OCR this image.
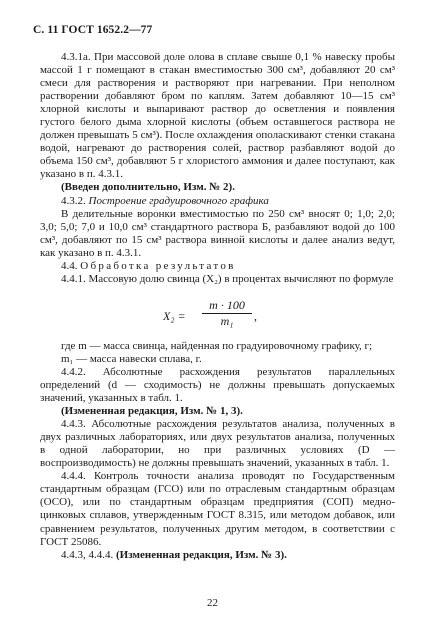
С. 11 ГОСТ 1652.2—77

4.3.1а. При массовой доле олова в сплаве свыше 0,1 % навеску пробы массой 1 г помещают в стакан вместимостью 300 см³, добавляют 20 см³ смеси для растворения и растворяют при нагревании. При неполном растворении добавляют бром по каплям. Затем добавляют 10—15 см³ хлорной кислоты и выпаривают раствор до осветления и появления густого белого дыма хлорной кислоты (объем оставшегося раствора не должен превышать 5 см³). После охлаждения ополаскивают стенки стакана водой, нагревают до растворения солей, раствор разбавляют водой до объема 150 см³, добавляют 5 г хлористого аммония и далее поступают, как указано в п. 4.3.1.

(Введен дополнительно, Изм. № 2).

4.3.2. Построение градуировочного графика

В делительные воронки вместимостью по 250 см³ вносят 0; 1,0; 2,0; 3,0; 5,0; 7,0 и 10,0 см³ стандартного раствора Б, разбавляют водой до 100 см³, добавляют по 15 см³ раствора винной кислоты и далее анализ ведут, как указано в п. 4.3.1.

4.4. Обработка результатов

4.4.1. Массовую долю свинца (X₂) в процентах вычисляют по формуле

$X_2 = \frac{m \cdot 100}{\text{m₁}}$ ,

где m — масса свинца, найденная по градуировочному графику, г;

m₁ — масса навески сплава, г.

4.4.2. Абсолютные расхождения результатов параллельных определений (d — сходимость) не должны превышать допускаемых значений, указанных в табл. 1.

(Измененная редакция, Изм. № 1, 3).

4.4.3. Абсолютные расхождения результатов анализа, полученных в двух различных лабораториях, или двух результатов анализа, полученных в одной лаборатории, но при различных условиях (D — воспроизводимость) не должны превышать значений, указанных в табл. 1.

4.4.4. Контроль точности анализа проводят по Государственным стандартным образцам (ГСО) или по отраслевым стандартным образцам (ОСО), или по стандартным образцам предприятия (СОП) медно-цинковых сплавов, утвержденным ГОСТ 8.315, или методом добавок, или сравнением результатов, полученных другим методом, в соответствии с ГОСТ 25086.

4.4.3, 4.4.4. (Измененная редакция, Изм. № 3).

22
